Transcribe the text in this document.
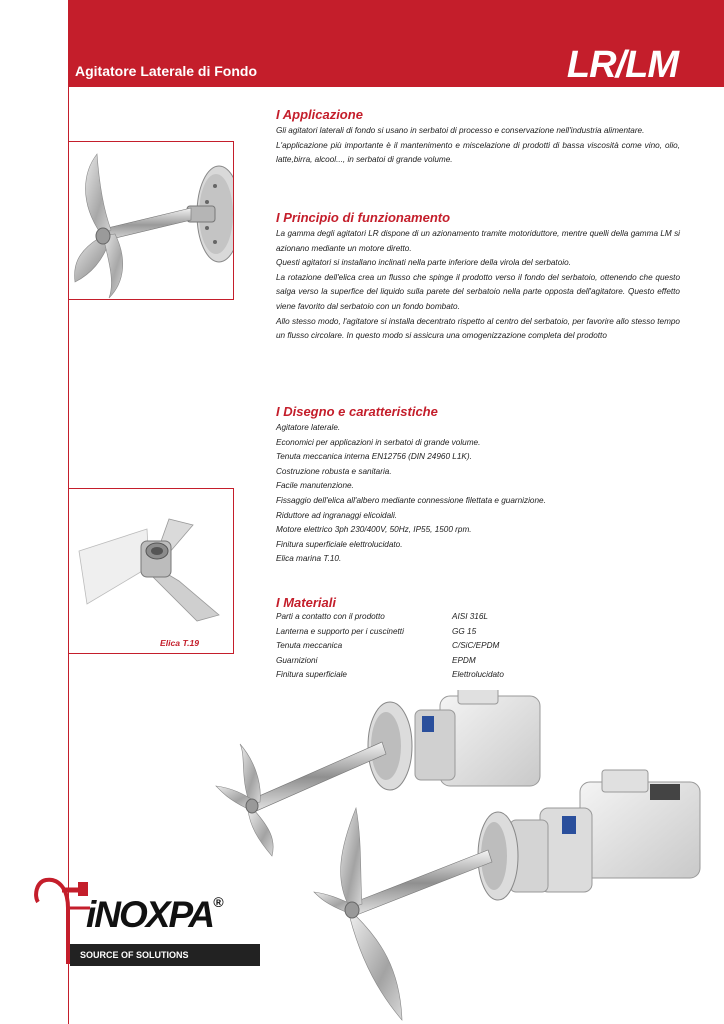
Agitatore Laterale di Fondo	LR/LM
Elica T.19
I Applicazione
Gli agitatori laterali di fondo si usano in serbatoi di processo e conservazione nell'industria alimentare.
L'applicazione più importante è il mantenimento e miscelazione di prodotti di bassa viscosità come vino, olio, latte,birra, alcool..., in serbatoi di grande volume.
I Principio di funzionamento
La gamma degli agitatori LR dispone di un azionamento tramite motoriduttore, mentre quelli della gamma LM si azionano mediante un motore diretto.
Questi agitatori si installano inclinati nella parte inferiore della virola del serbatoio.
La rotazione dell'elica crea un flusso che spinge il prodotto verso il fondo del serbatoio, ottenendo che questo salga verso la superfice del liquido sulla parete del serbatoio nella parte opposta dell'agitatore. Questo effetto viene favorito dal serbatoio con un fondo bombato.
Allo stesso modo, l'agitatore si installa decentrato rispetto al centro del serbatoio, per favorire allo stesso tempo un flusso circolare. In questo modo si assicura una omogenizzazione completa del prodotto
I Disegno e caratteristiche
Agitatore laterale.
Economici per applicazioni in serbatoi di grande volume.
Tenuta meccanica interna EN12756 (DIN 24960 L1K).
Costruzione robusta e sanitaria.
Facile manutenzione.
Fissaggio dell'elica all'albero mediante connessione filettata e guarnizione.
Riduttore ad ingranaggi elicoidali.
Motore elettrico 3ph 230/400V, 50Hz, IP55, 1500 rpm.
Finitura superficiale elettrolucidato.
Elica marina T.10.
I Materiali
Parti a contatto con il prodotto	AISI 316L
Lanterna e supporto per i cuscinetti	GG 15
Tenuta meccanica	C/SiC/EPDM
Guarnizioni	EPDM
Finitura superficiale	Elettrolucidato
iNOXPA®
SOURCE OF SOLUTIONS
